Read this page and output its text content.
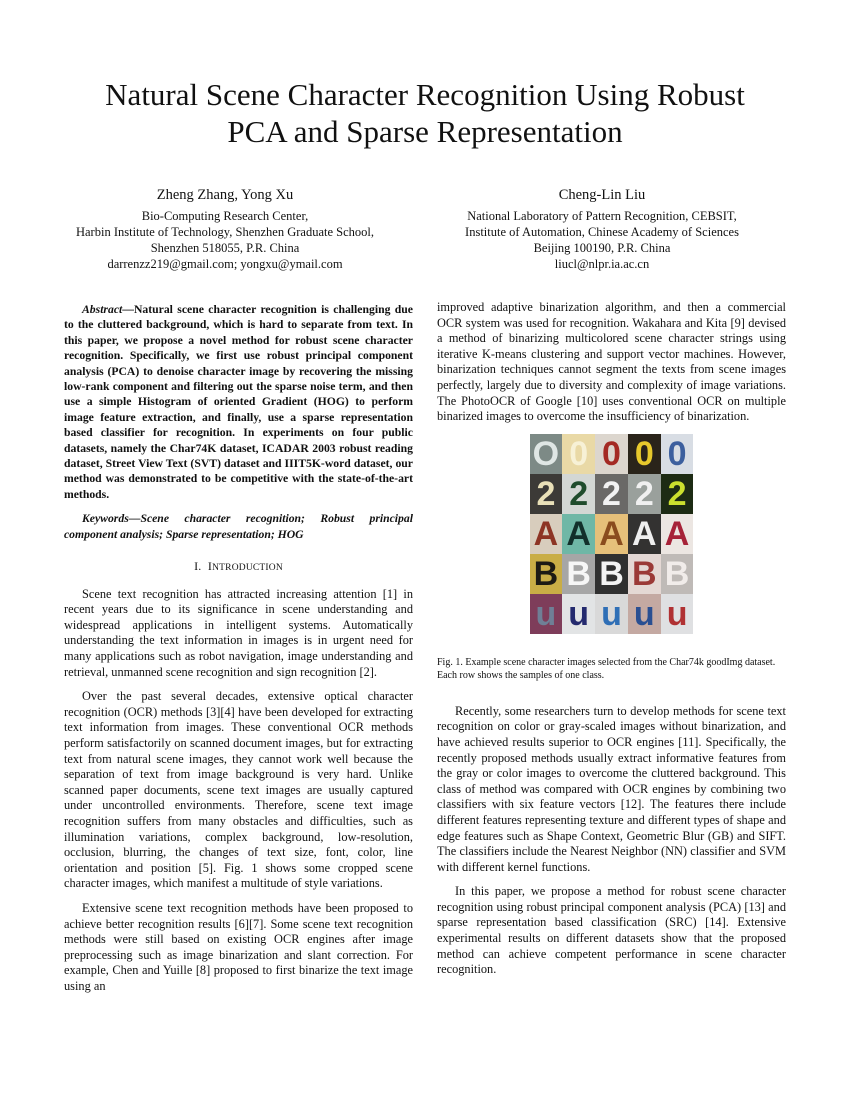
Natural Scene Character Recognition Using Robust
PCA and Sparse Representation
Zheng Zhang, Yong Xu
Bio-Computing Research Center,
Harbin Institute of Technology, Shenzhen Graduate School,
Shenzhen 518055, P.R. China
darrenzz219@gmail.com; yongxu@ymail.com
Cheng-Lin Liu
National Laboratory of Pattern Recognition, CEBSIT,
Institute of Automation, Chinese Academy of Sciences
Beijing 100190, P.R. China
liucl@nlpr.ia.ac.cn

Abstract—Natural scene character recognition is challenging due to the cluttered background, which is hard to separate from text. In this paper, we propose a novel method for robust scene character recognition. Specifically, we first use robust principal component analysis (PCA) to denoise character image by recovering the missing low-rank component and filtering out the sparse noise term, and then use a simple Histogram of oriented Gradient (HOG) to perform image feature extraction, and finally, use a sparse representation based classifier for recognition. In experiments on four public datasets, namely the Char74K dataset, ICADAR 2003 robust reading dataset, Street View Text (SVT) dataset and IIIT5K-word dataset, our method was demonstrated to be competitive with the state-of-the-art methods.

Keywords—Scene character recognition; Robust principal component analysis; Sparse representation; HOG

I. INTRODUCTION

Scene text recognition has attracted increasing attention [1] in recent years due to its significance in scene understanding and widespread applications in intelligent systems. Automatically understanding the text information in images is in urgent need for many applications such as robot navigation, image understanding and retrieval, unmanned scene recognition and sign recognition [2].

Over the past several decades, extensive optical character recognition (OCR) methods [3][4] have been developed for extracting text information from images. These conventional OCR methods perform satisfactorily on scanned document images, but for extracting text from natural scene images, they cannot work well because the separation of text from image background is very hard. Unlike scanned paper documents, scene text images are usually captured under uncontrolled environments. Therefore, scene text image recognition suffers from many obstacles and difficulties, such as illumination variations, complex background, low-resolution, occlusion, blurring, the changes of text size, font, color, line orientation and position [5]. Fig. 1 shows some cropped scene character images, which manifest a multitude of style variations.

Extensive scene text recognition methods have been proposed to achieve better recognition results [6][7]. Some scene text recognition methods were still based on existing OCR engines after image preprocessing such as image binarization and slant correction. For example, Chen and Yuille [8] proposed to first binarize the text image using an

improved adaptive binarization algorithm, and then a commercial OCR system was used for recognition. Wakahara and Kita [9] devised a method of binarizing multicolored scene character strings using iterative K-means clustering and support vector machines. However, binarization techniques cannot segment the texts from scene images perfectly, largely due to diversity and complexity of image variations. The PhotoOCR of Google [10] uses conventional OCR on multiple binarized images to overcome the insufficiency of binarization.

O 0 0 0 0
2 2 2 2 2
A A A A A
B B B B B
u u u u u
Fig. 1. Example scene character images selected from the Char74k goodImg dataset. Each row shows the samples of one class.

Recently, some researchers turn to develop methods for scene text recognition on color or gray-scaled images without binarization, and have achieved results superior to OCR engines [11]. Specifically, the recently proposed methods usually extract informative features from the gray or color images to overcome the cluttered background. This class of method was compared with OCR engines by combining two classifiers with six feature vectors [12]. The features there include different features representing texture and different types of shape and edge features such as Shape Context, Geometric Blur (GB) and SIFT. The classifiers include the Nearest Neighbor (NN) classifier and SVM with different kernel functions.

In this paper, we propose a method for robust scene character recognition using robust principal component analysis (PCA) [13] and sparse representation based classification (SRC) [14]. Extensive experimental results on different datasets show that the proposed method can achieve competent performance in scene character recognition.
